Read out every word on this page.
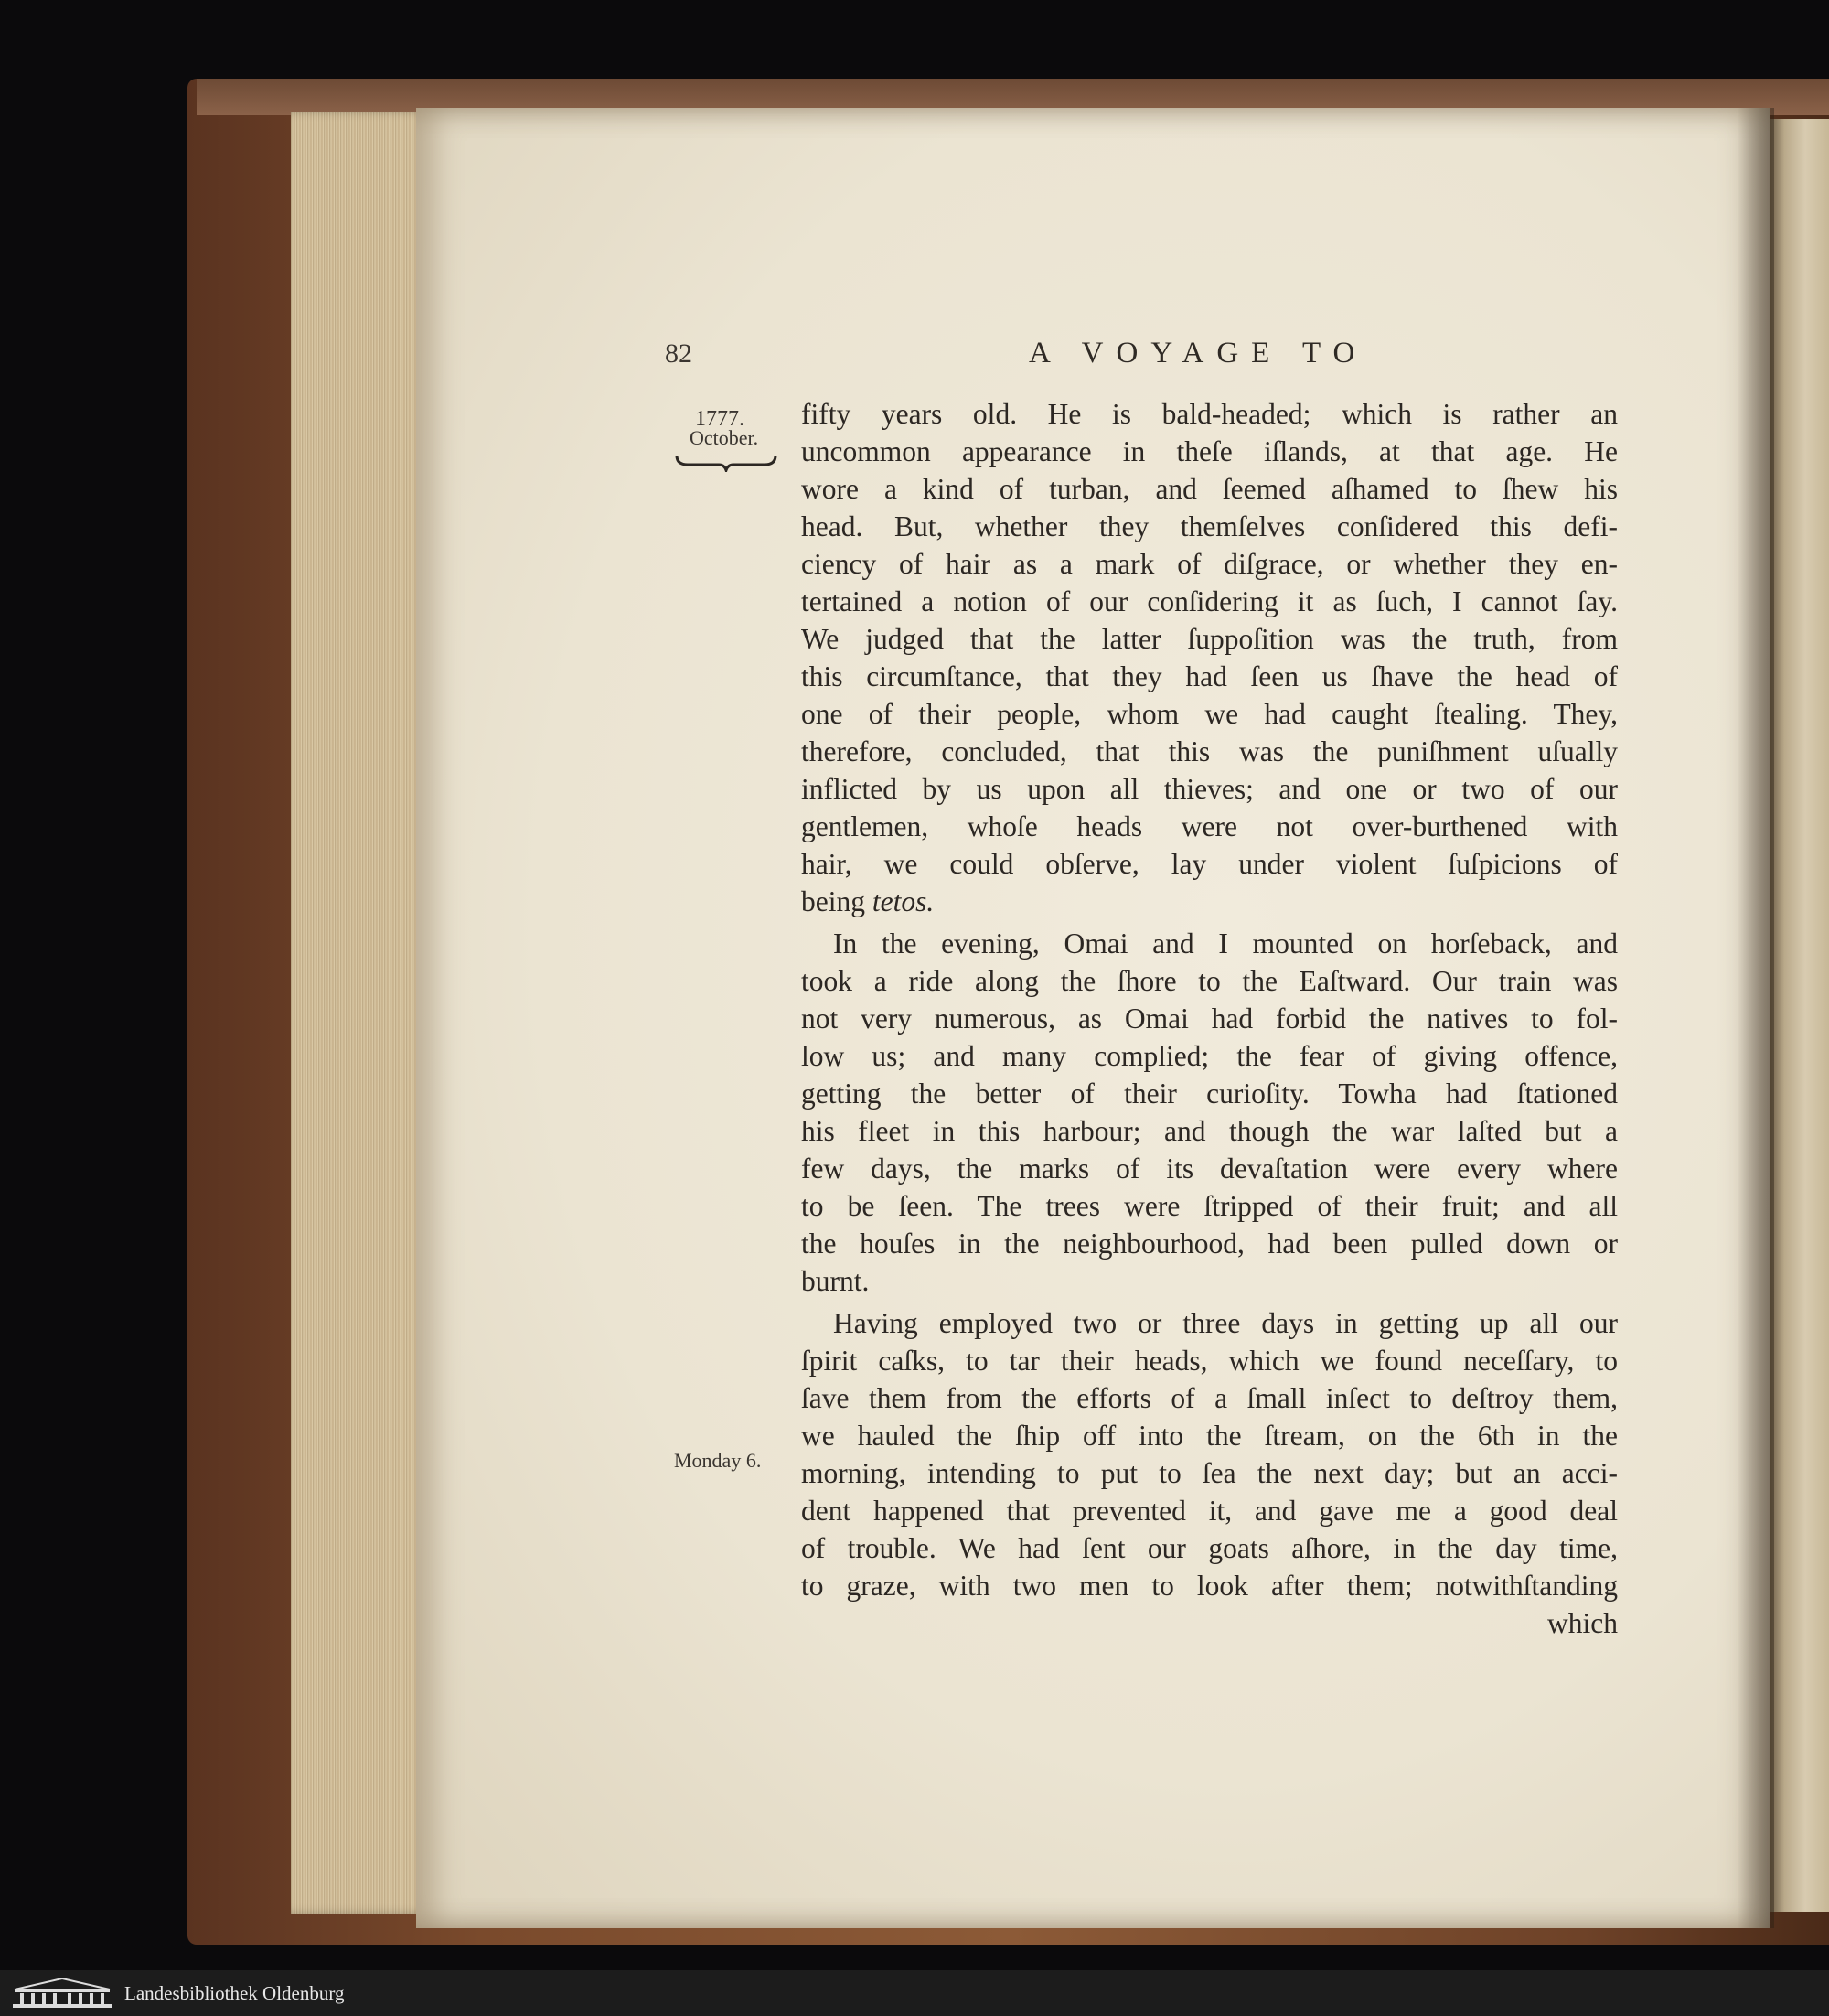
82	A VOYAGE TO
1777.
October.
Monday 6.
fifty years old. He is bald-headed; which is rather an
uncommon appearance in theſe iſlands, at that age. He
wore a kind of turban, and ſeemed aſhamed to ſhew his
head. But, whether they themſelves conſidered this defi-
ciency of hair as a mark of diſgrace, or whether they en-
tertained a notion of our conſidering it as ſuch, I cannot ſay.
We judged that the latter ſuppoſition was the truth, from
this circumſtance, that they had ſeen us ſhave the head of
one of their people, whom we had caught ſtealing. They,
therefore, concluded, that this was the puniſhment uſually
inflicted by us upon all thieves; and one or two of our
gentlemen, whoſe heads were not over-burthened with
hair, we could obſerve, lay under violent ſuſpicions of
being tetos.
In the evening, Omai and I mounted on horſeback, and
took a ride along the ſhore to the Eaſtward. Our train was
not very numerous, as Omai had forbid the natives to fol-
low us; and many complied; the fear of giving offence,
getting the better of their curioſity. Towha had ſtationed
his fleet in this harbour; and though the war laſted but a
few days, the marks of its devaſtation were every where
to be ſeen. The trees were ſtripped of their fruit; and all
the houſes in the neighbourhood, had been pulled down or
burnt.
Having employed two or three days in getting up all our
ſpirit caſks, to tar their heads, which we found neceſſary, to
ſave them from the efforts of a ſmall inſect to deſtroy them,
we hauled the ſhip off into the ſtream, on the 6th in the
morning, intending to put to ſea the next day; but an acci-
dent happened that prevented it, and gave me a good deal
of trouble. We had ſent our goats aſhore, in the day time,
to graze, with two men to look after them; notwithſtanding
which
Landesbibliothek Oldenburg
